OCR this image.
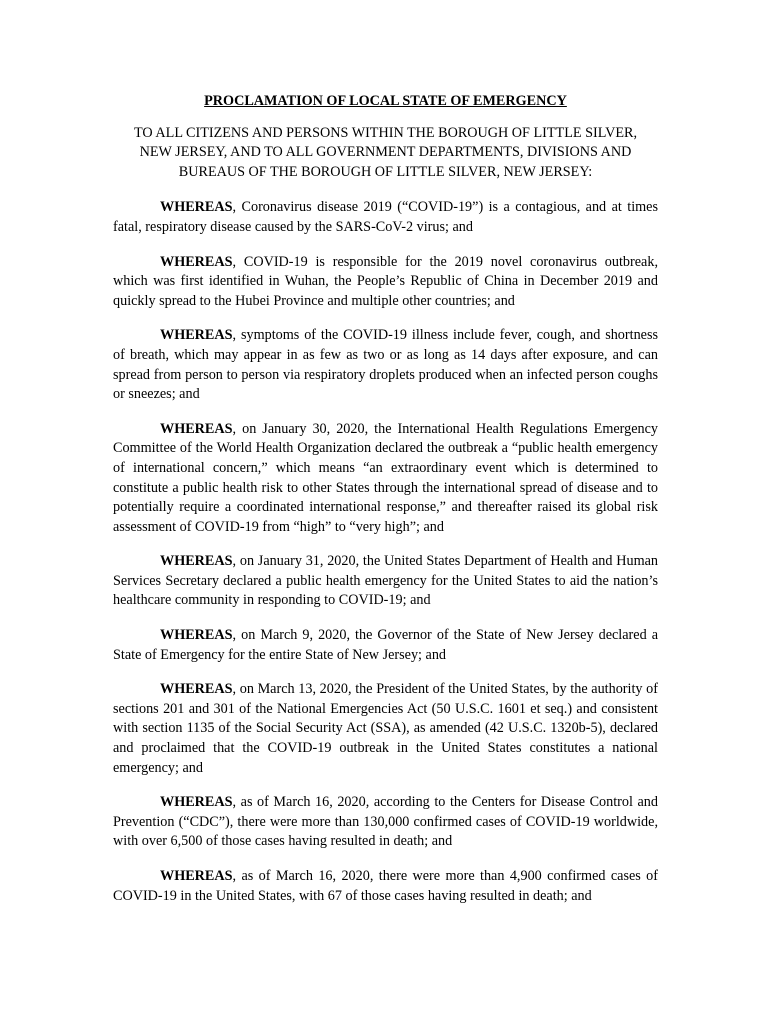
PROCLAMATION OF LOCAL STATE OF EMERGENCY
TO ALL CITIZENS AND PERSONS WITHIN THE BOROUGH OF LITTLE SILVER,
NEW JERSEY, AND TO ALL GOVERNMENT DEPARTMENTS, DIVISIONS AND
BUREAUS OF THE BOROUGH OF LITTLE SILVER, NEW JERSEY:

WHEREAS, Coronavirus disease 2019 (“COVID-19”) is a contagious, and at times fatal, respiratory disease caused by the SARS-CoV-2 virus; and

WHEREAS, COVID-19 is responsible for the 2019 novel coronavirus outbreak, which was first identified in Wuhan, the People’s Republic of China in December 2019 and quickly spread to the Hubei Province and multiple other countries; and

WHEREAS, symptoms of the COVID-19 illness include fever, cough, and shortness of breath, which may appear in as few as two or as long as 14 days after exposure, and can spread from person to person via respiratory droplets produced when an infected person coughs or sneezes; and

WHEREAS, on January 30, 2020, the International Health Regulations Emergency Committee of the World Health Organization declared the outbreak a “public health emergency of international concern,” which means “an extraordinary event which is determined to constitute a public health risk to other States through the international spread of disease and to potentially require a coordinated international response,” and thereafter raised its global risk assessment of COVID-19 from “high” to “very high”; and

WHEREAS, on January 31, 2020, the United States Department of Health and Human Services Secretary declared a public health emergency for the United States to aid the nation’s healthcare community in responding to COVID-19; and

WHEREAS, on March 9, 2020, the Governor of the State of New Jersey declared a State of Emergency for the entire State of New Jersey; and

WHEREAS, on March 13, 2020, the President of the United States, by the authority of sections 201 and 301 of the National Emergencies Act (50 U.S.C. 1601 et seq.) and consistent with section 1135 of the Social Security Act (SSA), as amended (42 U.S.C. 1320b-5), declared and proclaimed that the COVID-19 outbreak in the United States constitutes a national emergency; and

WHEREAS, as of March 16, 2020, according to the Centers for Disease Control and Prevention (“CDC”), there were more than 130,000 confirmed cases of COVID-19 worldwide, with over 6,500 of those cases having resulted in death; and

WHEREAS, as of March 16, 2020, there were more than 4,900 confirmed cases of COVID-19 in the United States, with 67 of those cases having resulted in death; and
